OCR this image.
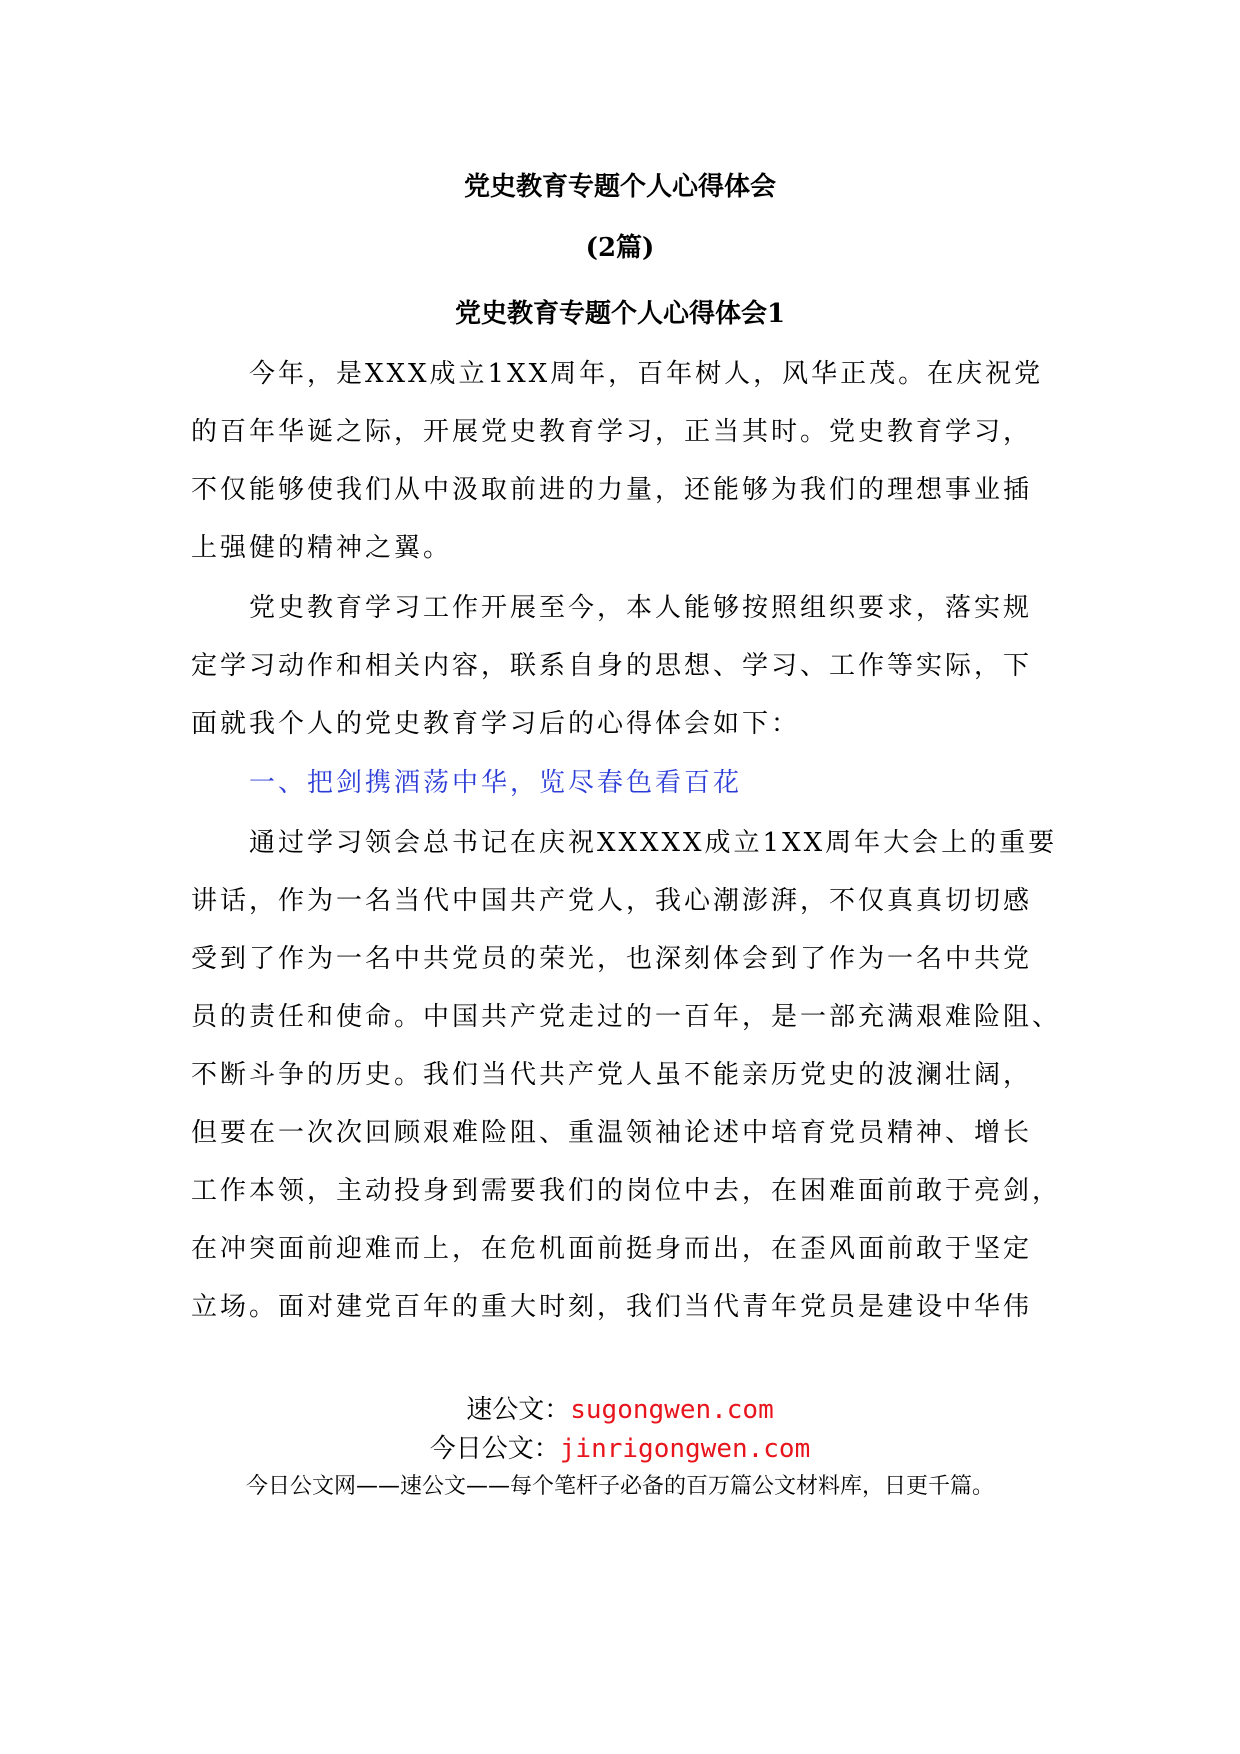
党史教育专题个人心得体会
(2篇)
党史教育专题个人心得体会1
　　今年，是XXX成立1XX周年，百年树人，风华正茂。在庆祝党
的百年华诞之际，开展党史教育学习，正当其时。党史教育学习，
不仅能够使我们从中汲取前进的力量，还能够为我们的理想事业插
上强健的精神之翼。
　　党史教育学习工作开展至今，本人能够按照组织要求，落实规
定学习动作和相关内容，联系自身的思想、学习、工作等实际，下
面就我个人的党史教育学习后的心得体会如下：
　　一、把剑携酒荡中华，览尽春色看百花
　　通过学习领会总书记在庆祝XXXXX成立1XX周年大会上的重要
讲话，作为一名当代中国共产党人，我心潮澎湃，不仅真真切切感
受到了作为一名中共党员的荣光，也深刻体会到了作为一名中共党
员的责任和使命。中国共产党走过的一百年，是一部充满艰难险阻、
不断斗争的历史。我们当代共产党人虽不能亲历党史的波澜壮阔，
但要在一次次回顾艰难险阻、重温领袖论述中培育党员精神、增长
工作本领，主动投身到需要我们的岗位中去，在困难面前敢于亮剑，
在冲突面前迎难而上，在危机面前挺身而出，在歪风面前敢于坚定
立场。面对建党百年的重大时刻，我们当代青年党员是建设中华伟
速公文：sugongwen.com
今日公文：jinrigongwen.com
今日公文网——速公文——每个笔杆子必备的百万篇公文材料库，日更千篇。
